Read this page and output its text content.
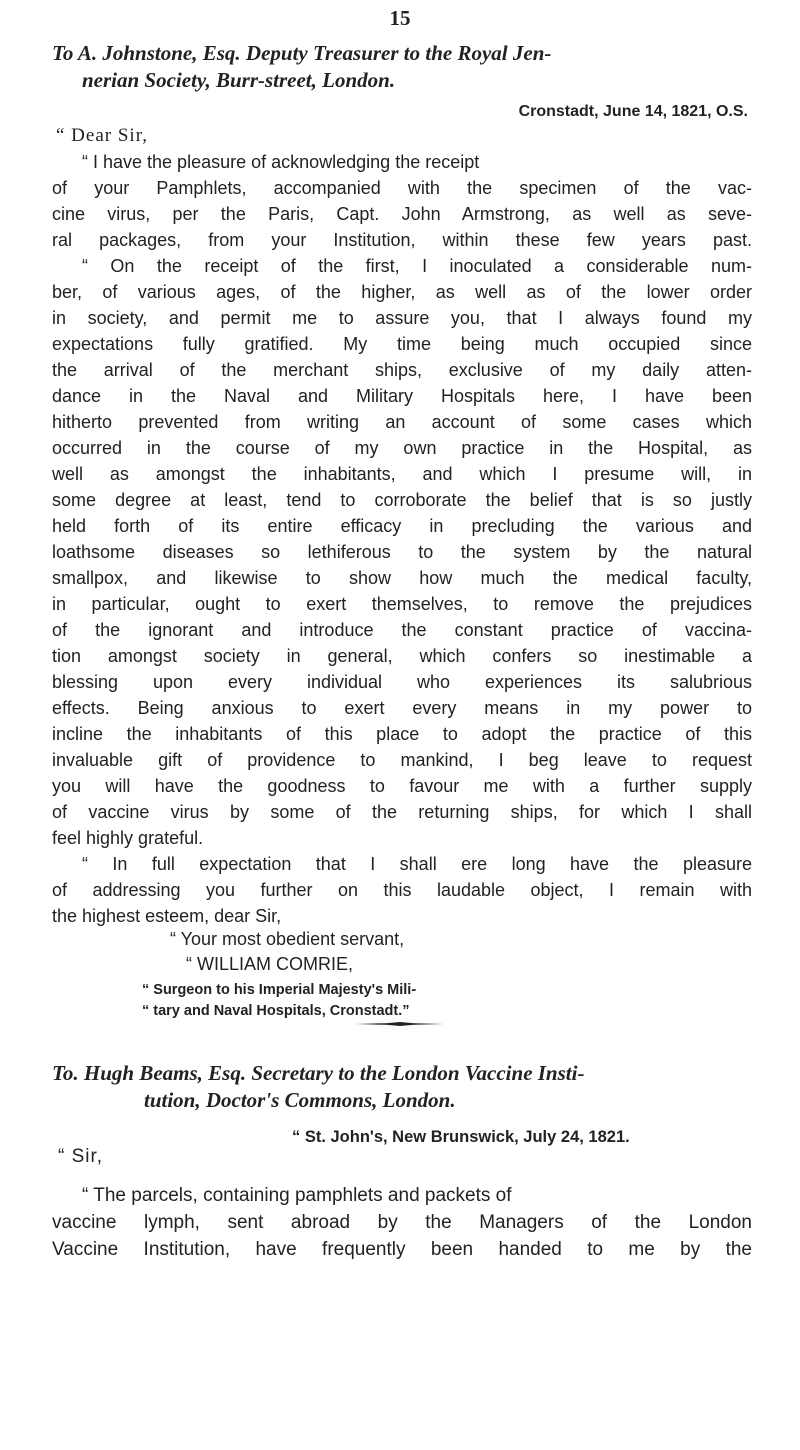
15
To A. Johnstone, Esq. Deputy Treasurer to the Royal Jen-
nerian Society, Burr-street, London.

Cronstadt, June 14, 1821, O.S.

“ Dear Sir,

“ I have the pleasure of acknowledging the receipt
of your Pamphlets, accompanied with the specimen of the vac-
cine virus, per the Paris, Capt. John Armstrong, as well as seve-
ral packages, from your Institution, within these few years past.
“ On the receipt of the first, I inoculated a considerable num-
ber, of various ages, of the higher, as well as of the lower order
in society, and permit me to assure you, that I always found my
expectations fully gratified. My time being much occupied since
the arrival of the merchant ships, exclusive of my daily atten-
dance in the Naval and Military Hospitals here, I have been
hitherto prevented from writing an account of some cases which
occurred in the course of my own practice in the Hospital, as
well as amongst the inhabitants, and which I presume will, in
some degree at least, tend to corroborate the belief that is so justly
held forth of its entire efficacy in precluding the various and
loathsome diseases so lethiferous to the system by the natural
smallpox, and likewise to show how much the medical faculty,
in particular, ought to exert themselves, to remove the prejudices
of the ignorant and introduce the constant practice of vaccina-
tion amongst society in general, which confers so inestimable a
blessing upon every individual who experiences its salubrious
effects. Being anxious to exert every means in my power to
incline the inhabitants of this place to adopt the practice of this
invaluable gift of providence to mankind, I beg leave to request
you will have the goodness to favour me with a further supply
of vaccine virus by some of the returning ships, for which I shall
feel highly grateful.
“ In full expectation that I shall ere long have the pleasure
of addressing you further on this laudable object, I remain with
the highest esteem, dear Sir,

“ Your most obedient servant,

“ WILLIAM COMRIE,

“ Surgeon to his Imperial Majesty's Mili-
“ tary and Naval Hospitals, Cronstadt.”
To. Hugh Beams, Esq. Secretary to the London Vaccine Insti-
tution, Doctor's Commons, London.

“ St. John's, New Brunswick, July 24, 1821.

“ Sir,

“ The parcels, containing pamphlets and packets of
vaccine lymph, sent abroad by the Managers of the London
Vaccine Institution, have frequently been handed to me by the
